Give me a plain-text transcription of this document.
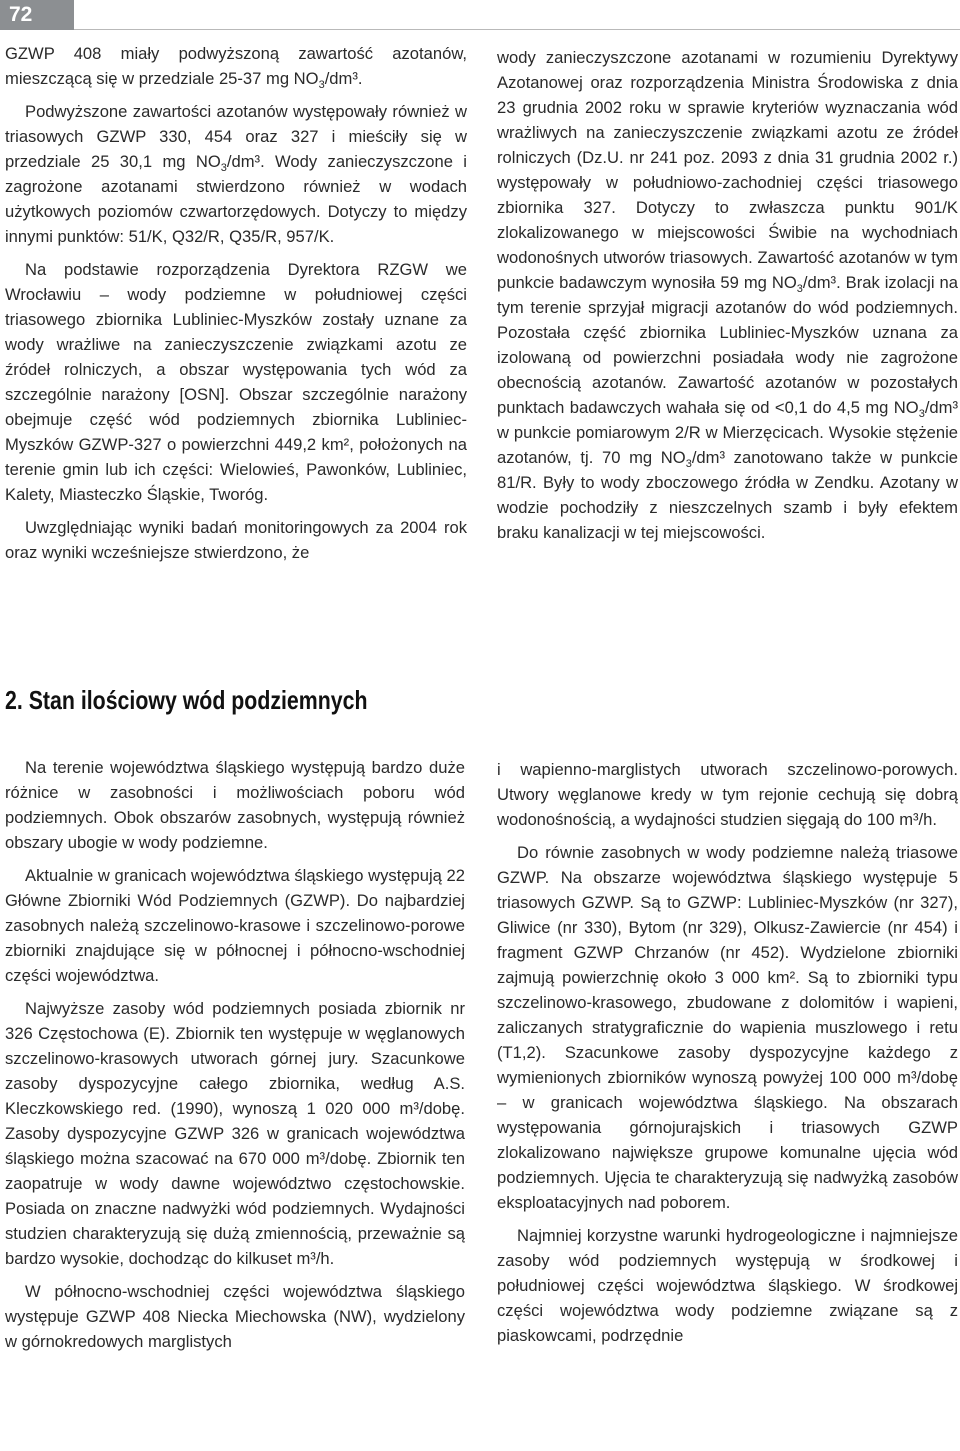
72

GZWP 408 miały podwyższoną zawartość azotanów, mieszczącą się w przedziale 25-37 mg $NO_3$/dm³.

Podwyższone zawartości azotanów występowały również w triasowych GZWP 330, 454 oraz 327 i mieściły się w przedziale 25 30,1 mg $NO_3$/dm³. Wody zanieczyszczone i zagrożone azotanami stwierdzono również w wodach użytkowych poziomów czwartorzędowych. Dotyczy to między innymi punktów: 51/K, Q32/R, Q35/R, 957/K.

Na podstawie rozporządzenia Dyrektora RZGW we Wrocławiu – wody podziemne w południowej części triasowego zbiornika Lubliniec-Myszków zostały uznane za wody wrażliwe na zanieczyszczenie związkami azotu ze źródeł rolniczych, a obszar występowania tych wód za szczególnie narażony [OSN]. Obszar szczególnie narażony obejmuje część wód podziemnych zbiornika Lubliniec-Myszków GZWP-327 o powierzchni 449,2 km², położonych na terenie gmin lub ich części: Wielowieś, Pawonków, Lubliniec, Kalety, Miasteczko Śląskie, Tworóg.

Uwzględniając wyniki badań monitoringowych za 2004 rok oraz wyniki wcześniejsze stwierdzono, że

wody zanieczyszczone azotanami w rozumieniu Dyrektywy Azotanowej oraz rozporządzenia Ministra Środowiska z dnia 23 grudnia 2002 roku w sprawie kryteriów wyznaczania wód wrażliwych na zanieczyszczenie związkami azotu ze źródeł rolniczych (Dz.U. nr 241 poz. 2093 z dnia 31 grudnia 2002 r.) występowały w południowo-zachodniej części triasowego zbiornika 327. Dotyczy to zwłaszcza punktu 901/K zlokalizowanego w miejscowości Świbie na wychodniach wodonośnych utworów triasowych. Zawartość azotanów w tym punkcie badawczym wynosiła 59 mg $NO_3$/dm³. Brak izolacji na tym terenie sprzyjał migracji azotanów do wód podziemnych. Pozostała część zbiornika Lubliniec-Myszków uznana za izolowaną od powierzchni posiadała wody nie zagrożone obecnością azotanów. Zawartość azotanów w pozostałych punktach badawczych wahała się od <0,1 do 4,5 mg $NO_3$/dm³ w punkcie pomiarowym 2/R w Mierzęcicach. Wysokie stężenie azotanów, tj. 70 mg $NO_3$/dm³ zanotowano także w punkcie 81/R. Były to wody zboczowego źródła w Zendku. Azotany w wodzie pochodziły z nieszczelnych szamb i były efektem braku kanalizacji w tej miejscowości.

2. Stan ilościowy wód podziemnych

Na terenie województwa śląskiego występują bardzo duże różnice w zasobności i możliwościach poboru wód podziemnych. Obok obszarów zasobnych, występują również obszary ubogie w wody podziemne.

Aktualnie w granicach województwa śląskiego występują 22 Główne Zbiorniki Wód Podziemnych (GZWP). Do najbardziej zasobnych należą szczelinowo-krasowe i szczelinowo-porowe zbiorniki znajdujące się w północnej i północno-wschodniej części województwa.

Najwyższe zasoby wód podziemnych posiada zbiornik nr 326 Częstochowa (E). Zbiornik ten występuje w węglanowych szczelinowo-krasowych utworach górnej jury. Szacunkowe zasoby dyspozycyjne całego zbiornika, według A.S. Kleczkowskiego red. (1990), wynoszą 1 020 000 m³/dobę. Zasoby dyspozycyjne GZWP 326 w granicach województwa śląskiego można szacować na 670 000 m³/dobę. Zbiornik ten zaopatruje w wody dawne województwo częstochowskie. Posiada on znaczne nadwyżki wód podziemnych. Wydajności studzien charakteryzują się dużą zmiennością, przeważnie są bardzo wysokie, dochodząc do kilkuset m³/h.

W północno-wschodniej części województwa śląskiego występuje GZWP 408 Niecka Miechowska (NW), wydzielony w górnokredowych marglistych

i wapienno-marglistych utworach szczelinowo-porowych. Utwory węglanowe kredy w tym rejonie cechują się dobrą wodonośnością, a wydajności studzien sięgają do 100 m³/h.

Do równie zasobnych w wody podziemne należą triasowe GZWP. Na obszarze województwa śląskiego występuje 5 triasowych GZWP. Są to GZWP: Lubliniec-Myszków (nr 327), Gliwice (nr 330), Bytom (nr 329), Olkusz-Zawiercie (nr 454) i fragment GZWP Chrzanów (nr 452). Wydzielone zbiorniki zajmują powierzchnię około 3 000 km². Są to zbiorniki typu szczelinowo-krasowego, zbudowane z dolomitów i wapieni, zaliczanych stratygraficznie do wapienia muszlowego i retu (T1,2). Szacunkowe zasoby dyspozycyjne każdego z wymienionych zbiorników wynoszą powyżej 100 000 m³/dobę – w granicach województwa śląskiego. Na obszarach występowania górnojurajskich i triasowych GZWP zlokalizowano największe grupowe komunalne ujęcia wód podziemnych. Ujęcia te charakteryzują się nadwyżką zasobów eksploatacyjnych nad poborem.

Najmniej korzystne warunki hydrogeologiczne i najmniejsze zasoby wód podziemnych występują w środkowej i południowej części województwa śląskiego. W środkowej części województwa wody podziemne związane są z piaskowcami, podrzędnie
